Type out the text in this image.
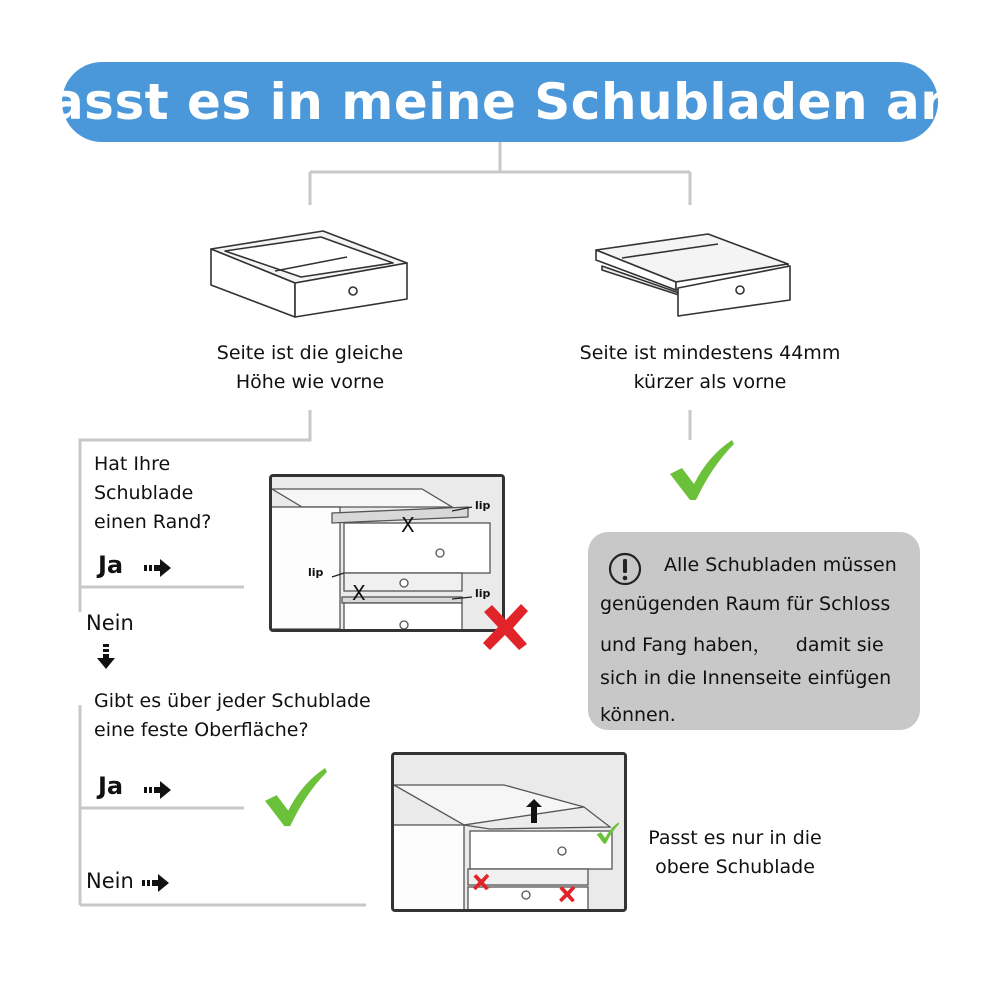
Passt es in meine Schubladen an?
Seite ist die gleiche
Höhe wie vorne
Seite ist mindestens 44mm
kürzer als vorne
Hat Ihre
Schublade
einen Rand?
Ja
Nein
lip
lip
lip
X
X
Gibt es über jeder Schublade
eine feste Oberfläche?
Ja
Nein
Passt es nur in die
obere Schublade
Alle Schubladen müssen
genügenden Raum für Schloss
und Fang haben，    damit sie
sich in die Innenseite einfügen
können.
